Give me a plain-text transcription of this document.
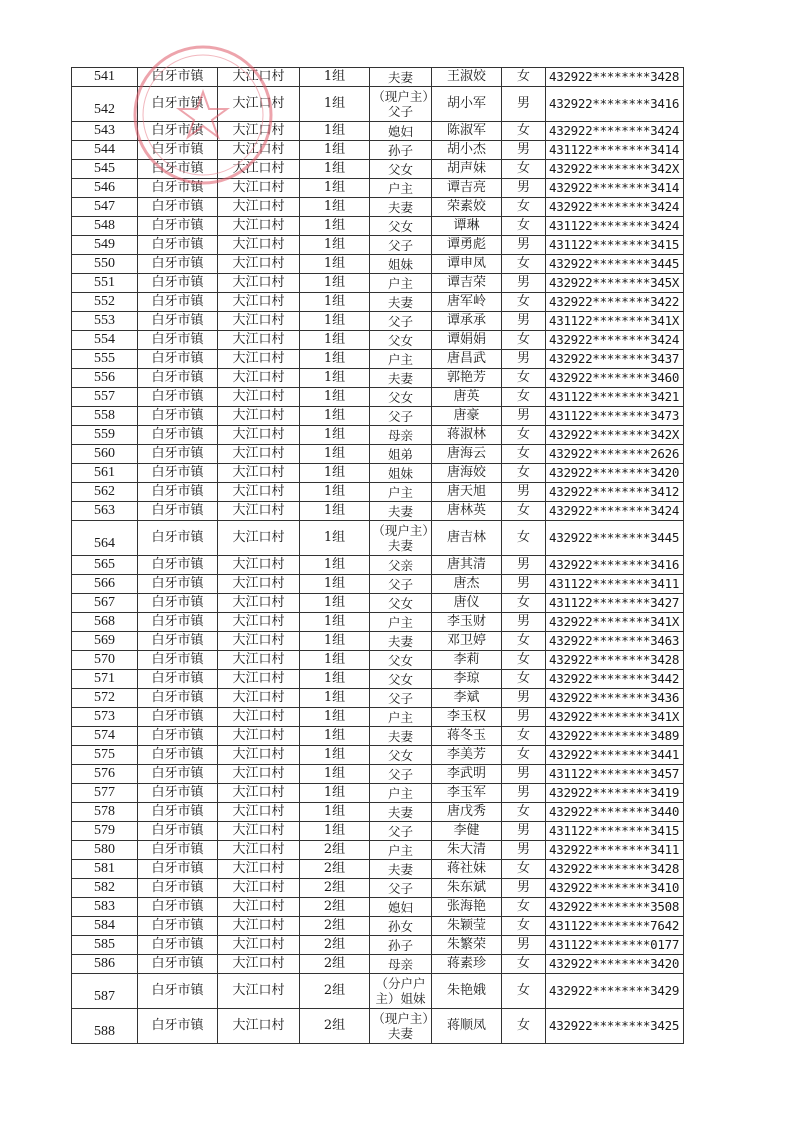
541	白牙市镇	大江口村	1组	夫妻	王淑姣	女	432922********3428
542	白牙市镇	大江口村	1组	（现户主）父子	胡小军	男	432922********3416
543	白牙市镇	大江口村	1组	媳妇	陈淑军	女	432922********3424
544	白牙市镇	大江口村	1组	孙子	胡小杰	男	431122********3414
545	白牙市镇	大江口村	1组	父女	胡声妹	女	432922********342X
546	白牙市镇	大江口村	1组	户主	谭吉亮	男	432922********3414
547	白牙市镇	大江口村	1组	夫妻	荣素姣	女	432922********3424
548	白牙市镇	大江口村	1组	父女	谭琳	女	431122********3424
549	白牙市镇	大江口村	1组	父子	谭勇彪	男	431122********3415
550	白牙市镇	大江口村	1组	姐妹	谭申凤	女	432922********3445
551	白牙市镇	大江口村	1组	户主	谭吉荣	男	432922********345X
552	白牙市镇	大江口村	1组	夫妻	唐军岭	女	432922********3422
553	白牙市镇	大江口村	1组	父子	谭承承	男	431122********341X
554	白牙市镇	大江口村	1组	父女	谭娟娟	女	432922********3424
555	白牙市镇	大江口村	1组	户主	唐昌武	男	432922********3437
556	白牙市镇	大江口村	1组	夫妻	郭艳芳	女	432922********3460
557	白牙市镇	大江口村	1组	父女	唐英	女	431122********3421
558	白牙市镇	大江口村	1组	父子	唐豪	男	431122********3473
559	白牙市镇	大江口村	1组	母亲	蒋淑林	女	432922********342X
560	白牙市镇	大江口村	1组	姐弟	唐海云	女	432922********2626
561	白牙市镇	大江口村	1组	姐妹	唐海姣	女	432922********3420
562	白牙市镇	大江口村	1组	户主	唐天旭	男	432922********3412
563	白牙市镇	大江口村	1组	夫妻	唐林英	女	432922********3424
564	白牙市镇	大江口村	1组	（现户主）夫妻	唐吉林	女	432922********3445
565	白牙市镇	大江口村	1组	父亲	唐其清	男	432922********3416
566	白牙市镇	大江口村	1组	父子	唐杰	男	431122********3411
567	白牙市镇	大江口村	1组	父女	唐仪	女	431122********3427
568	白牙市镇	大江口村	1组	户主	李玉财	男	432922********341X
569	白牙市镇	大江口村	1组	夫妻	邓卫婷	女	432922********3463
570	白牙市镇	大江口村	1组	父女	李莉	女	432922********3428
571	白牙市镇	大江口村	1组	父女	李琼	女	432922********3442
572	白牙市镇	大江口村	1组	父子	李斌	男	432922********3436
573	白牙市镇	大江口村	1组	户主	李玉权	男	432922********341X
574	白牙市镇	大江口村	1组	夫妻	蒋冬玉	女	432922********3489
575	白牙市镇	大江口村	1组	父女	李美芳	女	432922********3441
576	白牙市镇	大江口村	1组	父子	李武明	男	431122********3457
577	白牙市镇	大江口村	1组	户主	李玉军	男	432922********3419
578	白牙市镇	大江口村	1组	夫妻	唐戊秀	女	432922********3440
579	白牙市镇	大江口村	1组	父子	李健	男	431122********3415
580	白牙市镇	大江口村	2组	户主	朱大清	男	432922********3411
581	白牙市镇	大江口村	2组	夫妻	蒋社妹	女	432922********3428
582	白牙市镇	大江口村	2组	父子	朱东斌	男	432922********3410
583	白牙市镇	大江口村	2组	媳妇	张海艳	女	432922********3508
584	白牙市镇	大江口村	2组	孙女	朱颖莹	女	431122********7642
585	白牙市镇	大江口村	2组	孙子	朱繁荣	男	431122********0177
586	白牙市镇	大江口村	2组	母亲	蒋素珍	女	432922********3420
587	白牙市镇	大江口村	2组	（分户户主）姐妹	朱艳娥	女	432922********3429
588	白牙市镇	大江口村	2组	（现户主）夫妻	蒋顺凤	女	432922********3425
